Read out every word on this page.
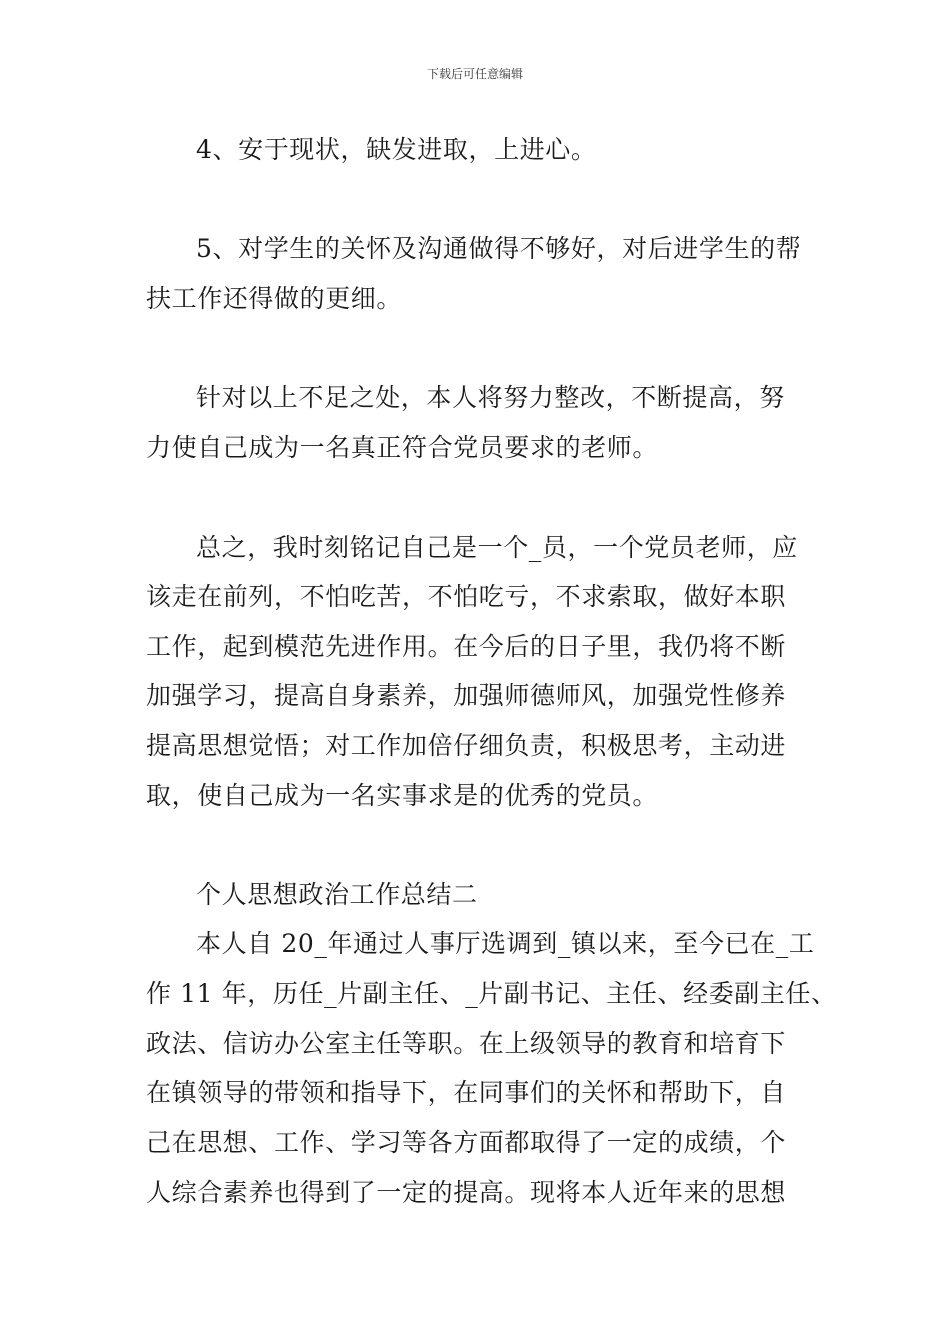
下载后可任意编辑
4、安于现状，缺发进取，上进心。
5、对学生的关怀及沟通做得不够好，对后进学生的帮
扶工作还得做的更细。
针对以上不足之处，本人将努力整改，不断提高，努
力使自己成为一名真正符合党员要求的老师。
总之，我时刻铭记自己是一个_员，一个党员老师，应
该走在前列，不怕吃苦，不怕吃亏，不求索取，做好本职
工作，起到模范先进作用。在今后的日子里，我仍将不断
加强学习，提高自身素养，加强师德师风，加强党性修养
提高思想觉悟；对工作加倍仔细负责，积极思考，主动进
取，使自己成为一名实事求是的优秀的党员。
个人思想政治工作总结二
本人自 20_年通过人事厅选调到_镇以来，至今已在_工
作 11 年，历任_片副主任、_片副书记、主任、经委副主任、
政法、信访办公室主任等职。在上级领导的教育和培育下
在镇领导的带领和指导下，在同事们的关怀和帮助下，自
己在思想、工作、学习等各方面都取得了一定的成绩，个
人综合素养也得到了一定的提高。现将本人近年来的思想
